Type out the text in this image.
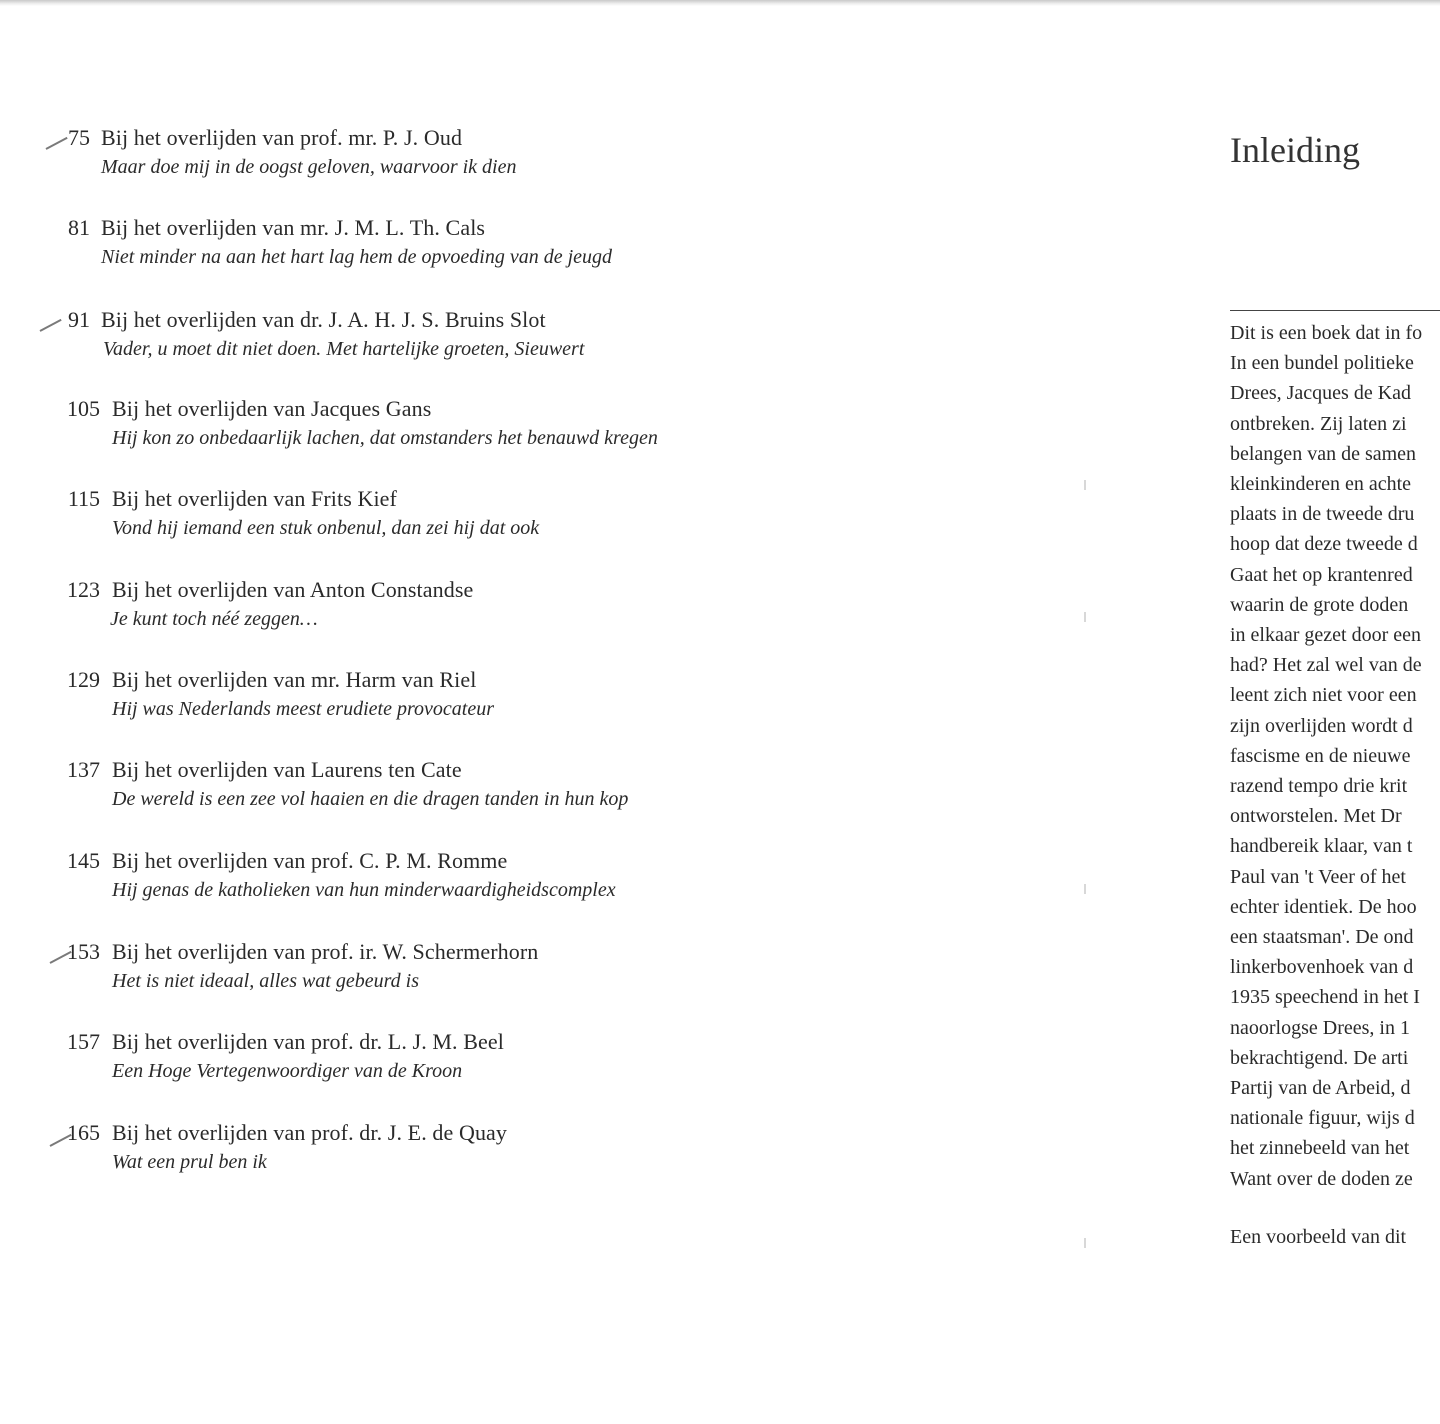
75 Bij het overlijden van prof. mr. P. J. Oud
Maar doe mij in de oogst geloven, waarvoor ik dien
81 Bij het overlijden van mr. J. M. L. Th. Cals
Niet minder na aan het hart lag hem de opvoeding van de jeugd
91 Bij het overlijden van dr. J. A. H. J. S. Bruins Slot
Vader, u moet dit niet doen. Met hartelijke groeten, Sieuwert
105 Bij het overlijden van Jacques Gans
Hij kon zo onbedaarlijk lachen, dat omstanders het benauwd kregen
115 Bij het overlijden van Frits Kief
Vond hij iemand een stuk onbenul, dan zei hij dat ook
123 Bij het overlijden van Anton Constandse
Je kunt toch néé zeggen…
129 Bij het overlijden van mr. Harm van Riel
Hij was Nederlands meest erudiete provocateur
137 Bij het overlijden van Laurens ten Cate
De wereld is een zee vol haaien en die dragen tanden in hun kop
145 Bij het overlijden van prof. C. P. M. Romme
Hij genas de katholieken van hun minderwaardigheidscomplex
153 Bij het overlijden van prof. ir. W. Schermerhorn
Het is niet ideaal, alles wat gebeurd is
157 Bij het overlijden van prof. dr. L. J. M. Beel
Een Hoge Vertegenwoordiger van de Kroon
165 Bij het overlijden van prof. dr. J. E. de Quay
Wat een prul ben ik
Inleiding
Dit is een boek dat in fo
In een bundel politieke
Drees, Jacques de Kad
ontbreken. Zij laten zi
belangen van de samen
kleinkinderen en achte
plaats in de tweede dru
hoop dat deze tweede d
Gaat het op krantenred
waarin de grote doden
in elkaar gezet door een
had? Het zal wel van de
leent zich niet voor een
zijn overlijden wordt d
fascisme en de nieuwe
razend tempo drie krit
ontworstelen. Met Dr
handbereik klaar, van t
Paul van 't Veer of het
echter identiek. De hoo
een staatsman'. De ond
linkerbovenhoek van d
1935 speechend in het I
naoorlogse Drees, in 1
bekrachtigend. De arti
Partij van de Arbeid, d
nationale figuur, wijs d
het zinnebeeld van het
Want over de doden ze
Een voorbeeld van dit
